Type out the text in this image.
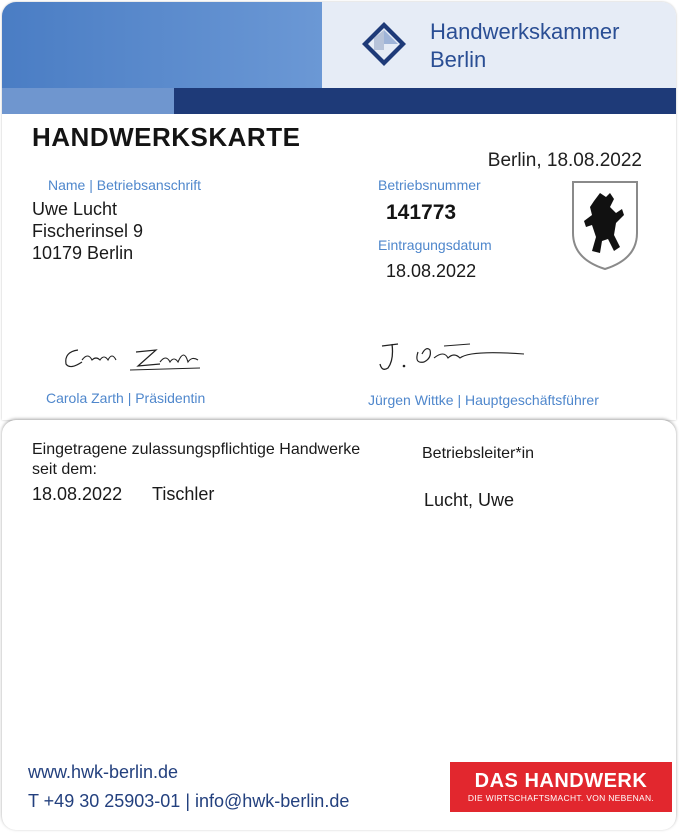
Handwerkskammer
Berlin
HANDWERKSKARTE
Berlin, 18.08.2022
Name | Betriebsanschrift
Uwe Lucht
Fischerinsel 9
10179 Berlin
Betriebsnummer
141773
Eintragungsdatum
18.08.2022
Carola Zarth | Präsidentin	Jürgen Wittke | Hauptgeschäftsführer
Eingetragene zulassungspflichtige Handwerke
seit dem:
18.08.2022 Tischler
Betriebsleiter*in
Lucht, Uwe
www.hwk-berlin.de
T +49 30 25903-01 | info@hwk-berlin.de
DAS HANDWERK
DIE WIRTSCHAFTSMACHT. VON NEBENAN.
